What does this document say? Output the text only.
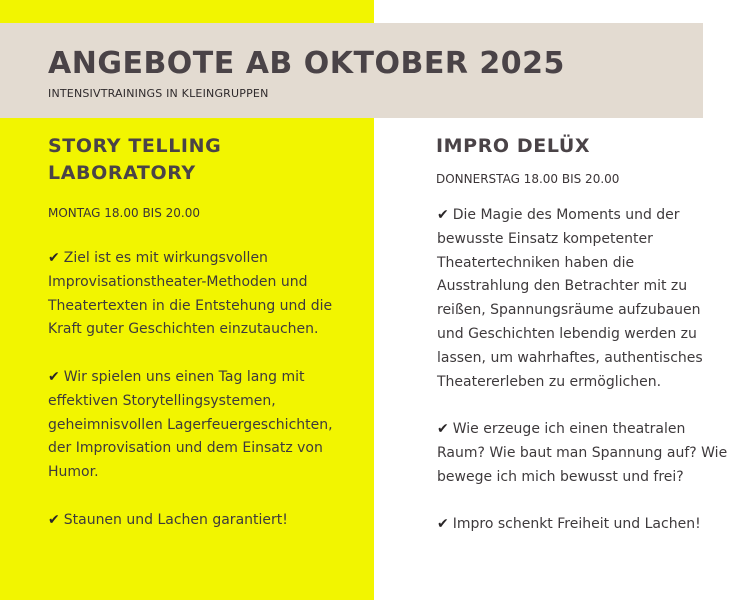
ANGEBOTE AB OKTOBER 2025
INTENSIVTRAININGS IN KLEINGRUPPEN
STORY TELLING LABORATORY
MONTAG 18.00 BIS 20.00

✔ Ziel ist es mit wirkungsvollen Improvisationstheater-Methoden und Theatertexten in die Entstehung und die Kraft guter Geschichten einzutauchen.

✔ Wir spielen uns einen Tag lang mit effektiven Storytellingsystemen, geheimnisvollen Lagerfeuergeschichten, der Improvisation und dem Einsatz von Humor.

✔ Staunen und Lachen garantiert!

IMPRO DELÜX
DONNERSTAG 18.00 BIS 20.00

✔ Die Magie des Moments und der bewusste Einsatz kompetenter Theatertechniken haben die Ausstrahlung den Betrachter mit zu reißen, Spannungsräume aufzubauen und Geschichten lebendig werden zu lassen, um wahrhaftes, authentisches Theatererleben zu ermöglichen.

✔ Wie erzeuge ich einen theatralen Raum? Wie baut man Spannung auf? Wie bewege ich mich bewusst und frei?

✔ Impro schenkt Freiheit und Lachen!
